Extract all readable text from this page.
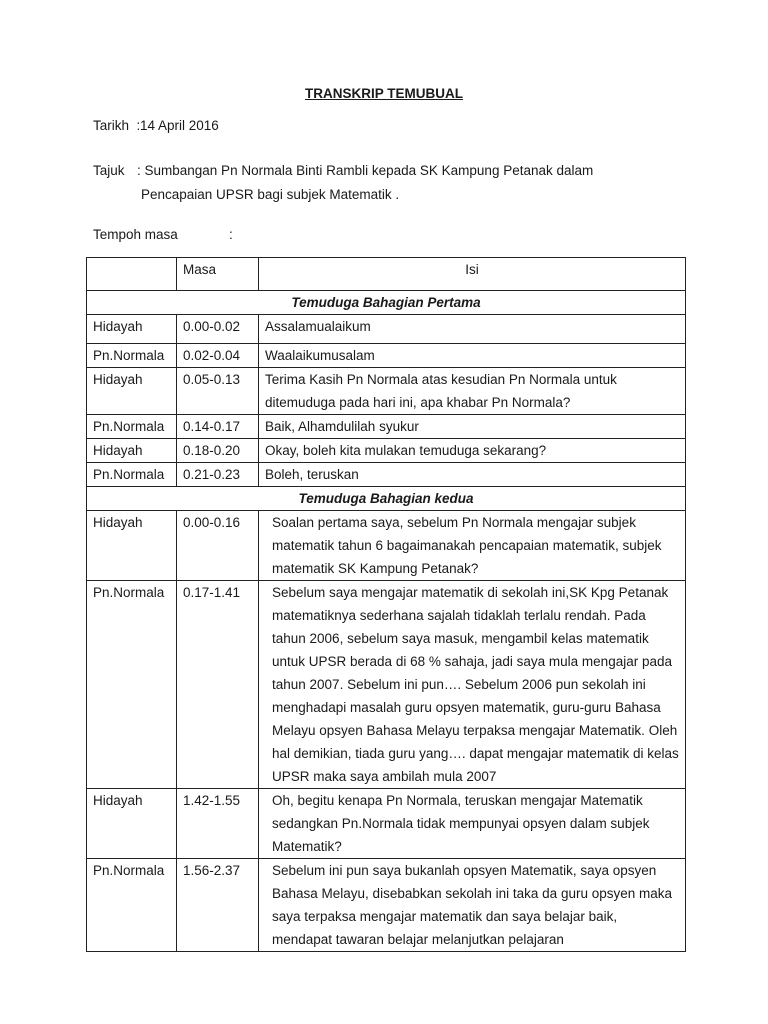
TRANSKRIP TEMUBUAL
Tarikh :14 April 2016
Tajuk : Sumbangan Pn Normala Binti Rambli kepada SK Kampung Petanak dalam
Pencapaian UPSR bagi subjek Matematik .
Tempoh masa	:
	Masa	Isi
Temuduga Bahagian Pertama		
Hidayah	0.00-0.02	Assalamualaikum
Pn.Normala	0.02-0.04	Waalaikumusalam
Hidayah	0.05-0.13	Terima Kasih Pn Normala atas kesudian Pn Normala untuk ditemuduga pada hari ini, apa khabar Pn Normala?
Pn.Normala	0.14-0.17	Baik, Alhamdulilah syukur
Hidayah	0.18-0.20	Okay, boleh kita mulakan temuduga sekarang?
Pn.Normala	0.21-0.23	Boleh, teruskan
Temuduga Bahagian kedua		
Hidayah	0.00-0.16	Soalan pertama saya, sebelum Pn Normala mengajar subjek matematik tahun 6 bagaimanakah pencapaian matematik, subjek matematik SK Kampung Petanak?
Pn.Normala	0.17-1.41	Sebelum saya mengajar matematik di sekolah ini,SK Kpg Petanak matematiknya sederhana sajalah tidaklah terlalu rendah. Pada tahun 2006, sebelum saya masuk, mengambil kelas matematik untuk UPSR berada di 68 % sahaja, jadi saya mula mengajar pada tahun 2007. Sebelum ini pun…. Sebelum 2006 pun sekolah ini menghadapi masalah guru opsyen matematik, guru-guru Bahasa Melayu opsyen Bahasa Melayu terpaksa mengajar Matematik. Oleh hal demikian, tiada guru yang…. dapat mengajar matematik di kelas UPSR maka saya ambilah mula 2007
Hidayah	1.42-1.55	Oh, begitu kenapa Pn Normala, teruskan mengajar Matematik sedangkan Pn.Normala tidak mempunyai opsyen dalam subjek Matematik?
Pn.Normala	1.56-2.37	Sebelum ini pun saya bukanlah opsyen Matematik, saya opsyen Bahasa Melayu, disebabkan sekolah ini taka da guru opsyen maka saya terpaksa mengajar matematik dan saya belajar baik, mendapat tawaran belajar melanjutkan pelajaran
